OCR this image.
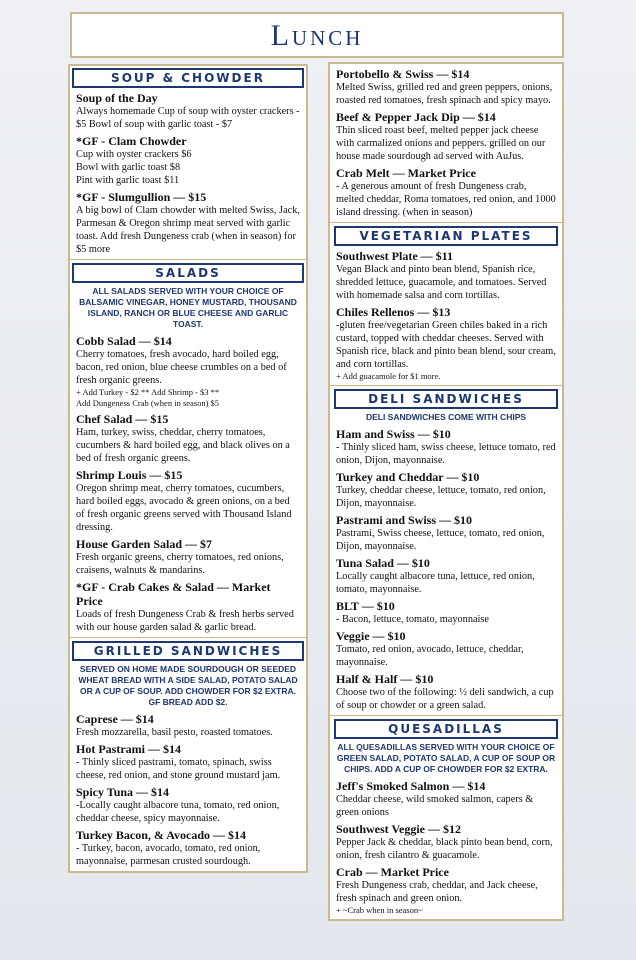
Lunch
SOUP & CHOWDER
Soup of the Day
Always homemade Cup of soup with oyster crackers - $5 Bowl of soup with garlic toast - $7
*GF - Clam Chowder
Cup with oyster crackers $6
Bowl with garlic toast $8
Pint with garlic toast $11
*GF - Slumgullion — $15
A big bowl of Clam chowder with melted Swiss, Jack, Parmesan & Oregon shrimp meat served with garlic toast. Add fresh Dungeness crab (when in season) for $5 more
SALADS
ALL SALADS SERVED WITH YOUR CHOICE OF BALSAMIC VINEGAR, HONEY MUSTARD, THOUSAND ISLAND, RANCH OR BLUE CHEESE AND GARLIC TOAST.
Cobb Salad — $14
Cherry tomatoes, fresh avocado, hard boiled egg, bacon, red onion, blue cheese crumbles on a bed of fresh organic greens.
+ Add Turkey - $2 ** Add Shrimp - $3 **
Add Dungeness Crab (when in season) $5
Chef Salad — $15
Ham, turkey, swiss, cheddar, cherry tomatoes, cucumbers & hard boiled egg, and black olives on a bed of fresh organic greens.
Shrimp Louis — $15
Oregon shrimp meat, cherry tomatoes, cucumbers, hard boiled eggs, avocado & green onions, on a bed of fresh organic greens served with Thousand Island dressing.
House Garden Salad — $7
Fresh organic greens, cherry tomatoes, red onions, craisens, walnuts & mandarins.
*GF - Crab Cakes & Salad — Market Price
Loads of fresh Dungeness Crab & fresh herbs served with our house garden salad & garlic bread.
GRILLED SANDWICHES
SERVED ON HOME MADE SOURDOUGH OR SEEDED WHEAT BREAD WITH A SIDE SALAD, POTATO SALAD OR A CUP OF SOUP. ADD CHOWDER FOR $2 EXTRA. GF BREAD ADD $2.
Caprese — $14
Fresh mozzarella, basil pesto, roasted tomatoes.
Hot Pastrami — $14
- Thinly sliced pastrami, tomato, spinach, swiss cheese, red onion, and stone ground mustard jam.
Spicy Tuna — $14
-Locally caught albacore tuna, tomato, red onion, cheddar cheese, spicy mayonnaise.
Turkey Bacon, & Avocado — $14
- Turkey, bacon, avocado, tomato, red onion, mayonnaise, parmesan crusted sourdough.
Portobello & Swiss — $14
Melted Swiss, grilled red and green peppers, onions, roasted red tomatoes, fresh spinach and spicy mayo.
Beef & Pepper Jack Dip — $14
Thin sliced roast beef, melted pepper jack cheese with carmalized onions and peppers. grilled on our house made sourdough ad served with AuJus.
Crab Melt — Market Price
- A generous amount of fresh Dungeness crab, melted cheddar, Roma tomatoes, red onion, and 1000 island dressing. (when in season)
VEGETARIAN PLATES
Southwest Plate — $11
Vegan Black and pinto bean blend, Spanish rice, shredded lettuce, guacamole, and tomatoes. Served with homemade salsa and corn tortillas.
Chiles Rellenos — $13
-gluten free/vegetarian Green chiles baked in a rich custard, topped with cheddar cheeses. Served with Spanish rice, black and pinto bean blend, sour cream, and corn tortillas.
+ Add guacamole for $1 more.
DELI SANDWICHES
DELI SANDWICHES COME WITH CHIPS
Ham and Swiss — $10
- Thinly sliced ham, swiss cheese, lettuce tomato, red onion, Dijon, mayonnaise.
Turkey and Cheddar — $10
Turkey, cheddar cheese, lettuce, tomato, red onion, Dijon, mayonnaise.
Pastrami and Swiss — $10
Pastrami, Swiss cheese, lettuce, tomato, red onion, Dijon, mayonnaise.
Tuna Salad — $10
Locally caught albacore tuna, lettuce, red onion, tomato, mayonnaise.
BLT — $10
- Bacon, lettuce, tomato, mayonnaise
Veggie — $10
Tomato, red onion, avocado, lettuce, cheddar, mayonnaise.
Half & Half — $10
Choose two of the following: ½ deli sandwich, a cup of soup or chowder or a green salad.
QUESADILLAS
ALL QUESADILLAS SERVED WITH YOUR CHOICE OF GREEN SALAD, POTATO SALAD, A CUP OF SOUP OR CHIPS. ADD A CUP OF CHOWDER FOR $2 EXTRA.
Jeff's Smoked Salmon — $14
Cheddar cheese, wild smoked salmon, capers & green onions
Southwest Veggie — $12
Pepper Jack & cheddar, black pinto bean bend, corn, onion, fresh cilantro & guacamole.
Crab — Market Price
Fresh Dungeness crab, cheddar, and Jack cheese, fresh spinach and green onion.
+ ~Crab when in season~
